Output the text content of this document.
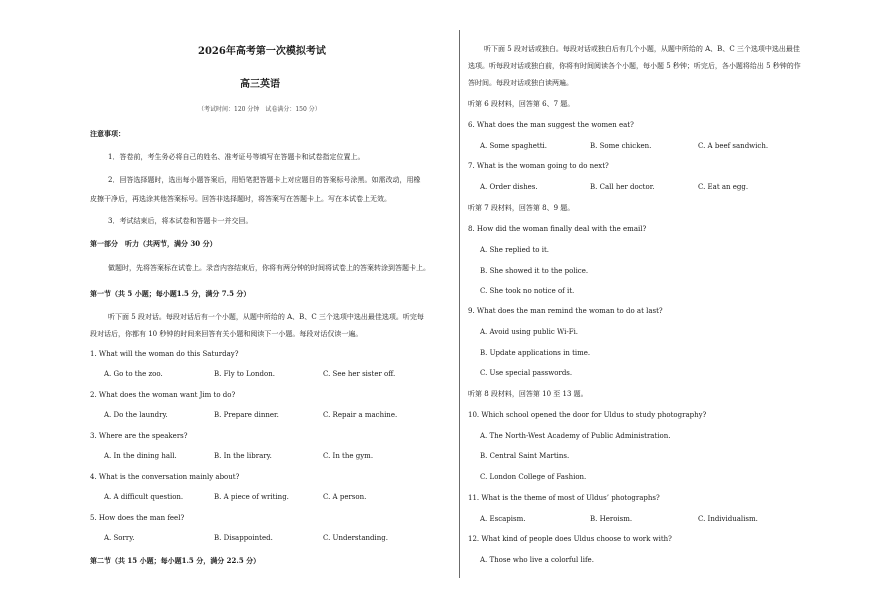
2026年高考第一次模拟考试
高三英语
（考试时间：120 分钟　试卷满分：150 分）
注意事项：
1．答卷前，考生务必将自己的姓名、准考证号等填写在答题卡和试卷指定位置上。
2．回答选择题时，选出每小题答案后，用铅笔把答题卡上对应题目的答案标号涂黑。如需改动，用橡
皮擦干净后，再选涂其他答案标号。回答非选择题时，将答案写在答题卡上。写在本试卷上无效。
3．考试结束后，将本试卷和答题卡一并交回。
第一部分　听力（共两节，满分 30 分）
做题时，先将答案标在试卷上。录音内容结束后，你将有两分钟的时间将试卷上的答案转涂到答题卡上。
第一节（共 5 小题；每小题1.5 分，满分 7.5 分）
听下面 5 段对话。每段对话后有一个小题，从题中所给的 A、B、C 三个选项中选出最佳选项。听完每
段对话后，你都有 10 秒钟的时间来回答有关小题和阅读下一小题。每段对话仅读一遍。
1. What will the woman do this Saturday?
A. Go to the zoo.	B. Fly to London.	C. See her sister off.
2. What does the woman want Jim to do?
A. Do the laundry.	B. Prepare dinner.	C. Repair a machine.
3. Where are the speakers?
A. In the dining hall.	B. In the library.	C. In the gym.
4. What is the conversation mainly about?
A. A difficult question.	B. A piece of writing.	C. A person.
5. How does the man feel?
A. Sorry.	B. Disappointed.	C. Understanding.
第二节（共 15 小题；每小题1.5 分，满分 22.5 分）
听下面 5 段对话或独白。每段对话或独白后有几个小题，从题中所给的 A、B、C 三个选项中选出最佳
选项。听每段对话或独白前，你将有时间阅读各个小题，每小题 5 秒钟；听完后，各小题将给出 5 秒钟的作
答时间。每段对话或独白读两遍。
听第 6 段材料，回答第 6、7 题。
6. What does the man suggest the women eat?
A. Some spaghetti.	B. Some chicken.	C. A beef sandwich.
7. What is the woman going to do next?
A. Order dishes.	B. Call her doctor.	C. Eat an egg.
听第 7 段材料，回答第 8、9 题。
8. How did the woman finally deal with the email?
A. She replied to it.
B. She showed it to the police.
C. She took no notice of it.
9. What does the man remind the woman to do at last?
A. Avoid using public Wi-Fi.
B. Update applications in time.
C. Use special passwords.
听第 8 段材料，回答第 10 至 13 题。
10. Which school opened the door for Uldus to study photography?
A. The North-West Academy of Public Administration.
B. Central Saint Martins.
C. London College of Fashion.
11. What is the theme of most of Uldus’ photographs?
A. Escapism.	B. Heroism.	C. Individualism.
12. What kind of people does Uldus choose to work with?
A. Those who live a colorful life.
